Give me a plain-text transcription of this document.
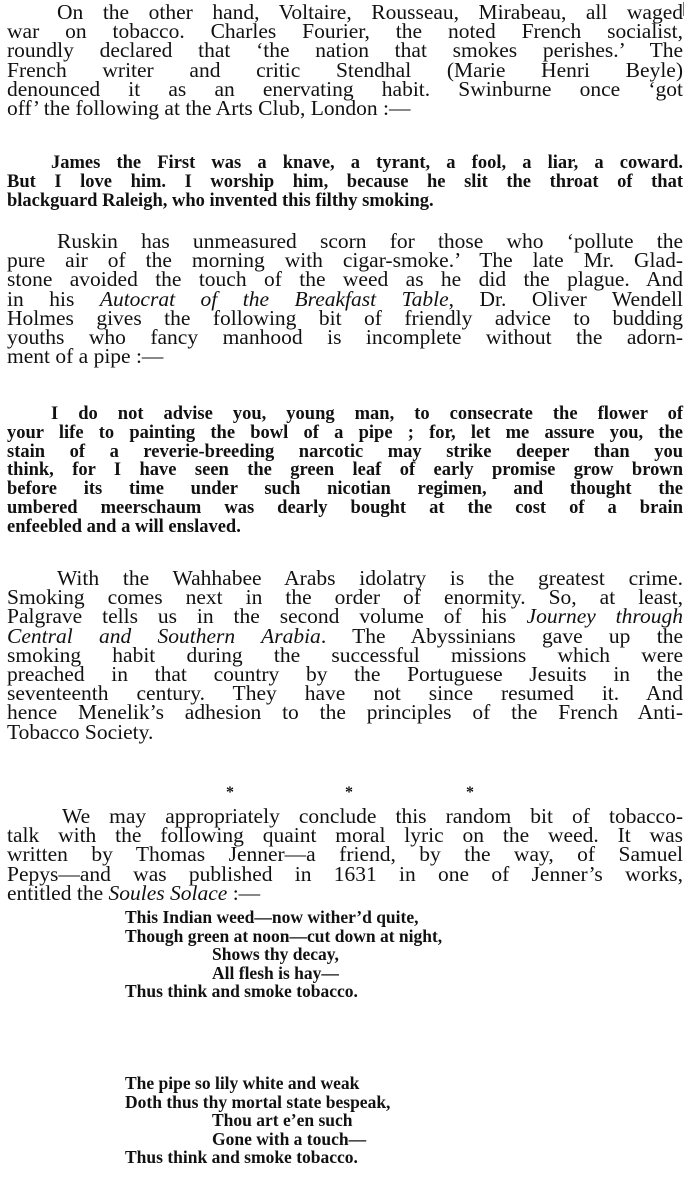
On the other hand, Voltaire, Rousseau, Mirabeau, all waged
war on tobacco. Charles Fourier, the noted French socialist,
roundly declared that ‘the nation that smokes perishes.’ The
French writer and critic Stendhal (Marie Henri Beyle)
denounced it as an enervating habit. Swinburne once ‘got
off’ the following at the Arts Club, London :—
James the First was a knave, a tyrant, a fool, a liar, a coward.
But I love him. I worship him, because he slit the throat of that
blackguard Raleigh, who invented this filthy smoking.
Ruskin has unmeasured scorn for those who ‘pollute the
pure air of the morning with cigar-smoke.’ The late Mr. Glad-
stone avoided the touch of the weed as he did the plague. And
in his Autocrat of the Breakfast Table, Dr. Oliver Wendell
Holmes gives the following bit of friendly advice to budding
youths who fancy manhood is incomplete without the adorn-
ment of a pipe :—
I do not advise you, young man, to consecrate the flower of
your life to painting the bowl of a pipe ; for, let me assure you, the
stain of a reverie-breeding narcotic may strike deeper than you
think, for I have seen the green leaf of early promise grow brown
before its time under such nicotian regimen, and thought the
umbered meerschaum was dearly bought at the cost of a brain
enfeebled and a will enslaved.
With the Wahhabee Arabs idolatry is the greatest crime.
Smoking comes next in the order of enormity. So, at least,
Palgrave tells us in the second volume of his Journey through
Central and Southern Arabia. The Abyssinians gave up the
smoking habit during the successful missions which were
preached in that country by the Portuguese Jesuits in the
seventeenth century. They have not since resumed it. And
hence Menelik’s adhesion to the principles of the French Anti-
Tobacco Society.
*	*	*
We may appropriately conclude this random bit of tobacco-
talk with the following quaint moral lyric on the weed. It was
written by Thomas Jenner—a friend, by the way, of Samuel
Pepys—and was published in 1631 in one of Jenner’s works,
entitled the Soules Solace :—
This Indian weed—now wither’d quite,
Though green at noon—cut down at night,
Shows thy decay,
All flesh is hay—
Thus think and smoke tobacco.
The pipe so lily white and weak
Doth thus thy mortal state bespeak,
Thou art e’en such
Gone with a touch—
Thus think and smoke tobacco.
